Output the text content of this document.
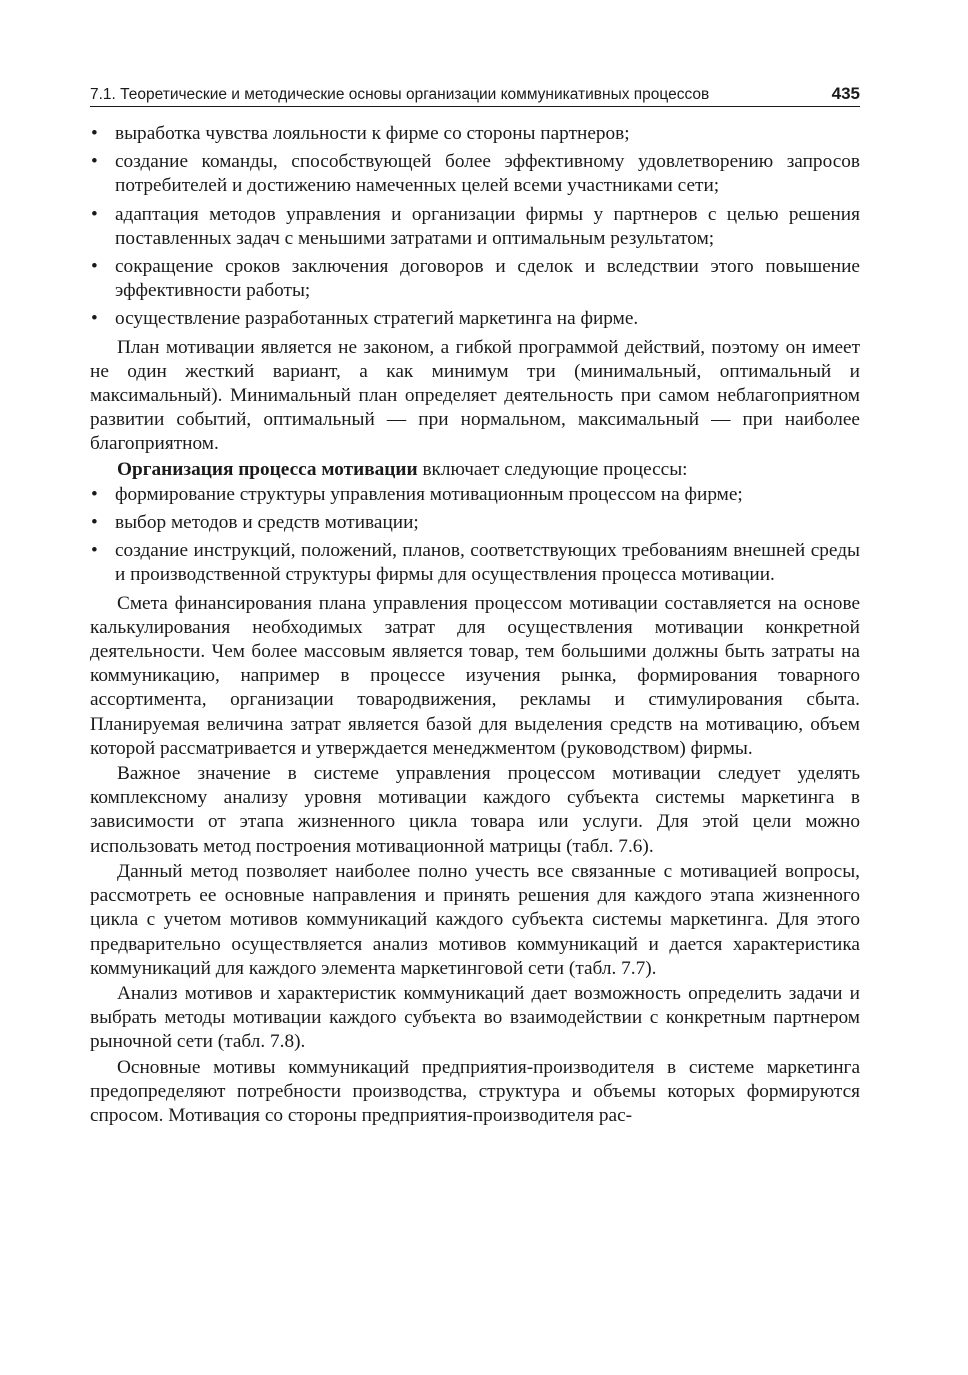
7.1. Теоретические и методические основы организации коммуникативных процессов	435
• выработка чувства лояльности к фирме со стороны партнеров;
• создание команды, способствующей более эффективному удовлетворению запросов потребителей и достижению намеченных целей всеми участниками сети;
• адаптация методов управления и организации фирмы у партнеров с целью решения поставленных задач с меньшими затратами и оптимальным результатом;
• сокращение сроков заключения договоров и сделок и вследствии этого повышение эффективности работы;
• осуществление разработанных стратегий маркетинга на фирме.

План мотивации является не законом, а гибкой программой действий, поэтому он имеет не один жесткий вариант, а как минимум три (минимальный, оптимальный и максимальный). Минимальный план определяет деятельность при самом неблагоприятном развитии событий, оптимальный — при нормальном, максимальный — при наиболее благоприятном.

Организация процесса мотивации включает следующие процессы:

• формирование структуры управления мотивационным процессом на фирме;
• выбор методов и средств мотивации;
• создание инструкций, положений, планов, соответствующих требованиям внешней среды и производственной структуры фирмы для осуществления процесса мотивации.

Смета финансирования плана управления процессом мотивации составляется на основе калькулирования необходимых затрат для осуществления мотивации конкретной деятельности. Чем более массовым является товар, тем большими должны быть затраты на коммуникацию, например в процессе изучения рынка, формирования товарного ассортимента, организации товародвижения, рекламы и стимулирования сбыта. Планируемая величина затрат является базой для выделения средств на мотивацию, объем которой рассматривается и утверждается менеджментом (руководством) фирмы.

Важное значение в системе управления процессом мотивации следует уделять комплексному анализу уровня мотивации каждого субъекта системы маркетинга в зависимости от этапа жизненного цикла товара или услуги. Для этой цели можно использовать метод построения мотивационной матрицы (табл. 7.6).

Данный метод позволяет наиболее полно учесть все связанные с мотивацией вопросы, рассмотреть ее основные направления и принять решения для каждого этапа жизненного цикла с учетом мотивов коммуникаций каждого субъекта системы маркетинга. Для этого предварительно осуществляется анализ мотивов коммуникаций и дается характеристика коммуникаций для каждого элемента маркетинговой сети (табл. 7.7).

Анализ мотивов и характеристик коммуникаций дает возможность определить задачи и выбрать методы мотивации каждого субъекта во взаимодействии с конкретным партнером рыночной сети (табл. 7.8).

Основные мотивы коммуникаций предприятия-производителя в системе маркетинга предопределяют потребности производства, структура и объемы которых формируются спросом. Мотивация со стороны предприятия-производителя рас-
